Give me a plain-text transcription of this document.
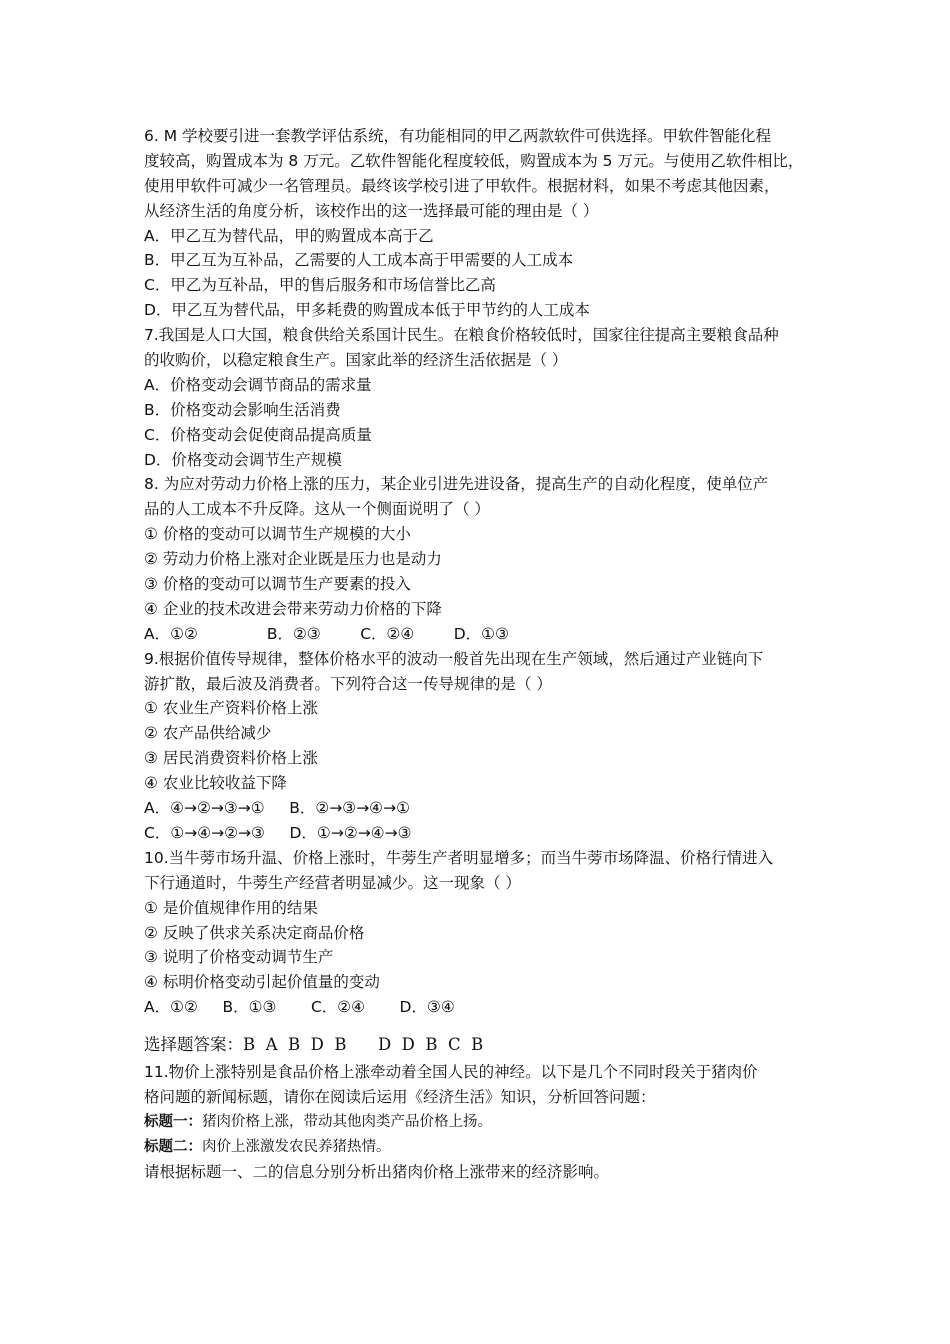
6. M 学校要引进一套教学评估系统，有功能相同的甲乙两款软件可供选择。甲软件智能化程
度较高，购置成本为 8 万元。乙软件智能化程度较低，购置成本为 5 万元。与使用乙软件相比，
使用甲软件可减少一名管理员。最终该学校引进了甲软件。根据材料，如果不考虑其他因素，
从经济生活的角度分析，该校作出的这一选择最可能的理由是（ ）
A．甲乙互为替代品，甲的购置成本高于乙
B．甲乙互为互补品，乙需要的人工成本高于甲需要的人工成本
C．甲乙为互补品，甲的售后服务和市场信誉比乙高
D．甲乙互为替代品，甲多耗费的购置成本低于甲节约的人工成本
7.我国是人口大国，粮食供给关系国计民生。在粮食价格较低时，国家往往提高主要粮食品种
的收购价，以稳定粮食生产。国家此举的经济生活依据是（ ）
A．价格变动会调节商品的需求量
B．价格变动会影响生活消费
C．价格变动会促使商品提高质量
D．价格变动会调节生产规模
8. 为应对劳动力价格上涨的压力，某企业引进先进设备，提高生产的自动化程度，使单位产
品的人工成本不升反降。这从一个侧面说明了（ ）
① 价格的变动可以调节生产规模的大小
② 劳动力价格上涨对企业既是压力也是动力
③ 价格的变动可以调节生产要素的投入
④ 企业的技术改进会带来劳动力价格的下降
A．①②              B．②③        C．②④        D．①③
9.根据价值传导规律，整体价格水平的波动一般首先出现在生产领域，然后通过产业链向下
游扩散，最后波及消费者。下列符合这一传导规律的是（ ）
① 农业生产资料价格上涨
② 农产品供给减少
③ 居民消费资料价格上涨
④ 农业比较收益下降
A．④→②→③→①     B．②→③→④→①
C．①→④→②→③     D．①→②→④→③
10.当牛蒡市场升温、价格上涨时，牛蒡生产者明显增多；而当牛蒡市场降温、价格行情进入
下行通道时，牛蒡生产经营者明显减少。这一现象（ ）
① 是价值规律作用的结果
② 反映了供求关系决定商品价格
③ 说明了价格变动调节生产
④ 标明价格变动引起价值量的变动
A．①②     B．①③       C．②④       D．③④
选择题答案：B  A  B  D  B      D  D  B  C  B
11.物价上涨特别是食品价格上涨牵动着全国人民的神经。以下是几个不同时段关于猪肉价
格问题的新闻标题，请你在阅读后运用《经济生活》知识，分析回答问题：
标题一：猪肉价格上涨，带动其他肉类产品价格上扬。
标题二：肉价上涨激发农民养猪热情。
请根据标题一、二的信息分别分析出猪肉价格上涨带来的经济影响。
